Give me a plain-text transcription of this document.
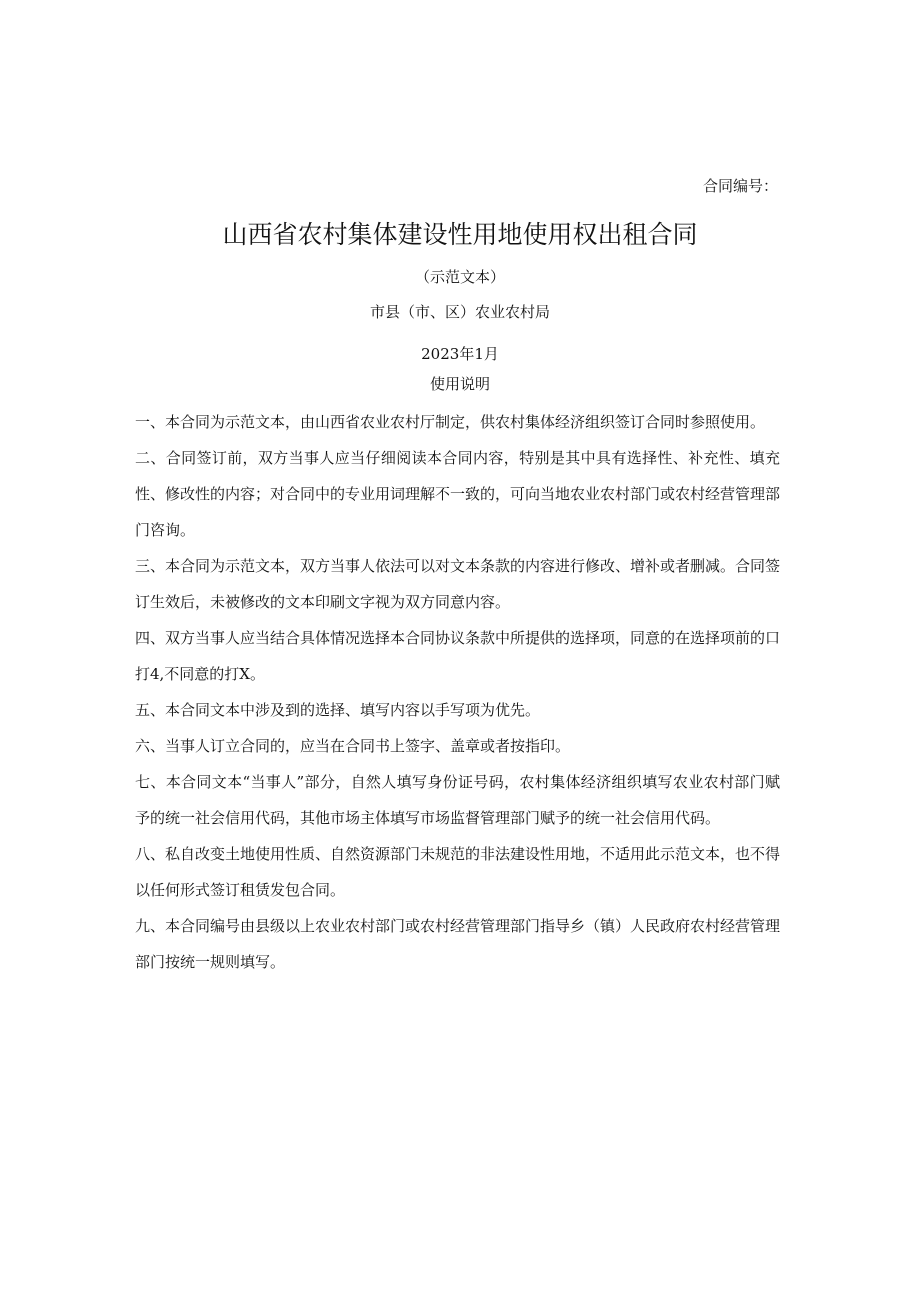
合同编号：
山西省农村集体建设性用地使用权出租合同
（示范文本）
市县（市、区）农业农村局
2023年1月
使用说明

一、本合同为示范文本，由山西省农业农村厅制定，供农村集体经济组织签订合同时参照使用。

二、合同签订前，双方当事人应当仔细阅读本合同内容，特别是其中具有选择性、补充性、填充性、修改性的内容；对合同中的专业用词理解不一致的，可向当地农业农村部门或农村经营管理部门咨询。

三、本合同为示范文本，双方当事人依法可以对文本条款的内容进行修改、增补或者删减。合同签订生效后，未被修改的文本印刷文字视为双方同意内容。

四、双方当事人应当结合具体情况选择本合同协议条款中所提供的选择项，同意的在选择项前的口打4,不同意的打X。

五、本合同文本中涉及到的选择、填写内容以手写项为优先。

六、当事人订立合同的，应当在合同书上签字、盖章或者按指印。

七、本合同文本“当事人”部分，自然人填写身份证号码，农村集体经济组织填写农业农村部门赋予的统一社会信用代码，其他市场主体填写市场监督管理部门赋予的统一社会信用代码。

八、私自改变土地使用性质、自然资源部门未规范的非法建设性用地，不适用此示范文本，也不得以任何形式签订租赁发包合同。

九、本合同编号由县级以上农业农村部门或农村经营管理部门指导乡（镇）人民政府农村经营管理部门按统一规则填写。
